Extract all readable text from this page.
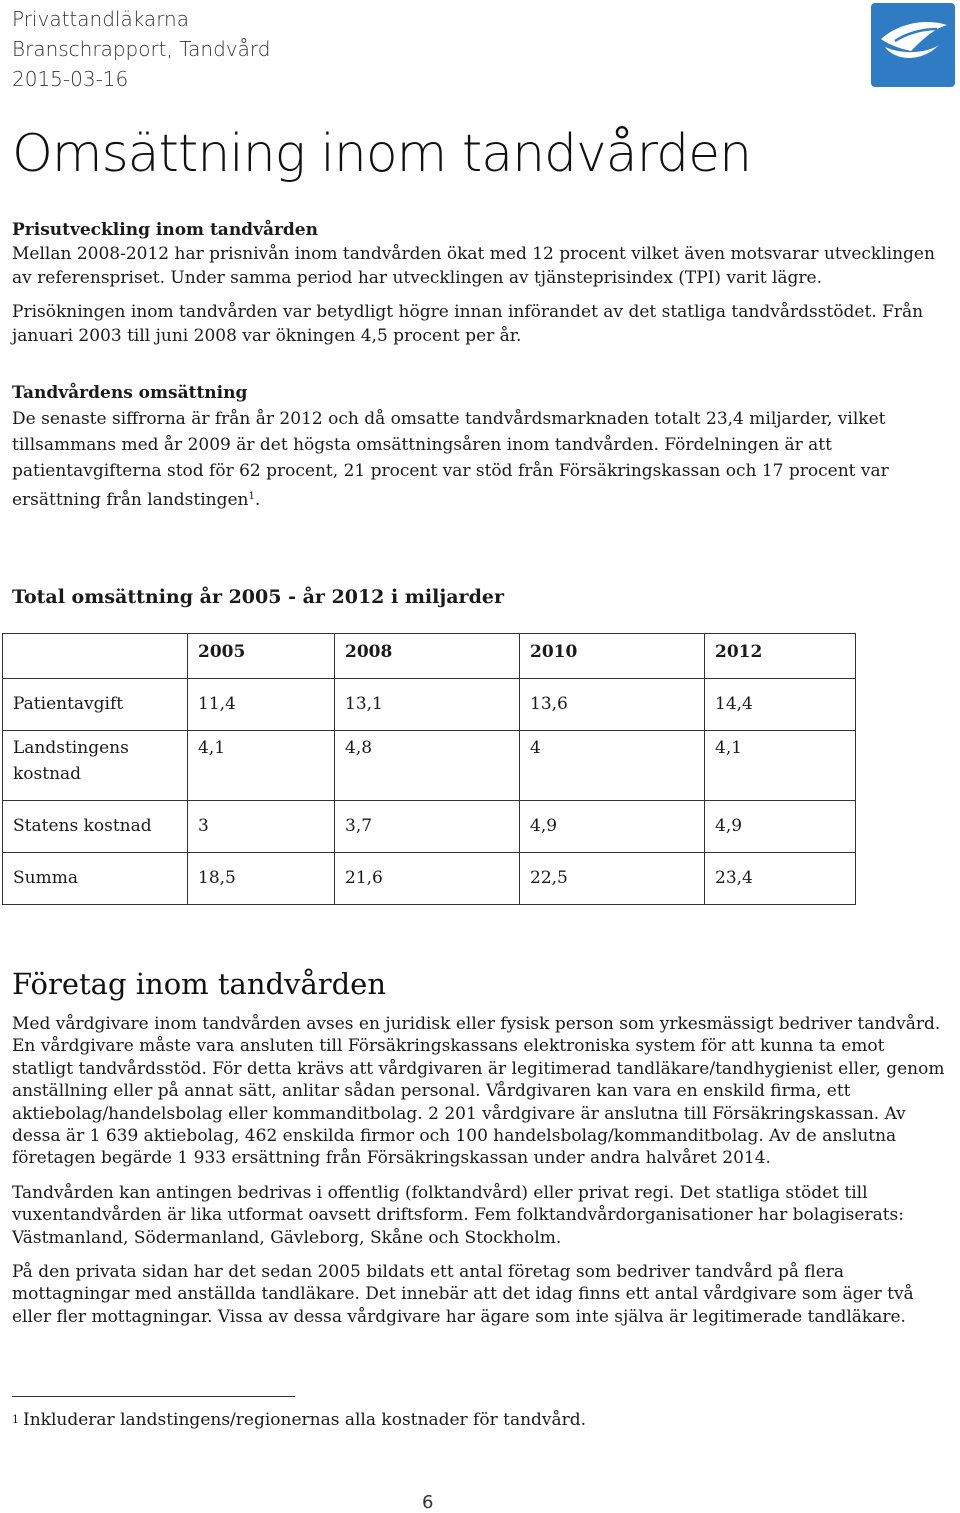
Privattandläkarna
Branschrapport, Tandvård
2015-03-16
Omsättning inom tandvården
Prisutveckling inom tandvården

Mellan 2008-2012 har prisnivån inom tandvården ökat med 12 procent vilket även motsvarar utvecklingen av referenspriset. Under samma period har utvecklingen av tjänsteprisindex (TPI) varit lägre.

Prisökningen inom tandvården var betydligt högre innan införandet av det statliga tandvårdsstödet. Från januari 2003 till juni 2008 var ökningen 4,5 procent per år.

Tandvårdens omsättning

De senaste siffrorna är från år 2012 och då omsatte tandvårdsmarknaden totalt 23,4 miljarder, vilket tillsammans med år 2009 är det högsta omsättningsåren inom tandvården. Fördelningen är att patientavgifterna stod för 62 procent, 21 procent var stöd från Försäkringskassan och 17 procent var ersättning från landstingen$^1$.

Total omsättning år 2005 - år 2012 i miljarder
	2005	2008	2010	2012
Patientavgift	11,4	13,1	13,6	14,4
Landstingens kostnad	4,1	4,8	4	4,1
Statens kostnad	3	3,7	4,9	4,9
Summa	18,5	21,6	22,5	23,4
Företag inom tandvården

Med vårdgivare inom tandvården avses en juridisk eller fysisk person som yrkesmässigt bedriver tandvård. En vårdgivare måste vara ansluten till Försäkringskassans elektroniska system för att kunna ta emot statligt tandvårdsstöd. För detta krävs att vårdgivaren är legitimerad tandläkare/tandhygienist eller, genom anställning eller på annat sätt, anlitar sådan personal. Vårdgivaren kan vara en enskild firma, ett aktiebolag/handelsbolag eller kommanditbolag. 2 201 vårdgivare är anslutna till Försäkringskassan. Av dessa är 1 639 aktiebolag, 462 enskilda firmor och 100 handelsbolag/kommanditbolag. Av de anslutna företagen begärde 1 933 ersättning från Försäkringskassan under andra halvåret 2014.

Tandvården kan antingen bedrivas i offentlig (folktandvård) eller privat regi. Det statliga stödet till vuxentandvården är lika utformat oavsett driftsform. Fem folktandvårdorganisationer har bolagiserats: Västmanland, Södermanland, Gävleborg, Skåne och Stockholm.

På den privata sidan har det sedan 2005 bildats ett antal företag som bedriver tandvård på flera mottagningar med anställda tandläkare. Det innebär att det idag finns ett antal vårdgivare som äger två eller fler mottagningar. Vissa av dessa vårdgivare har ägare som inte själva är legitimerade tandläkare.

1 Inkluderar landstingens/regionernas alla kostnader för tandvård.
6
